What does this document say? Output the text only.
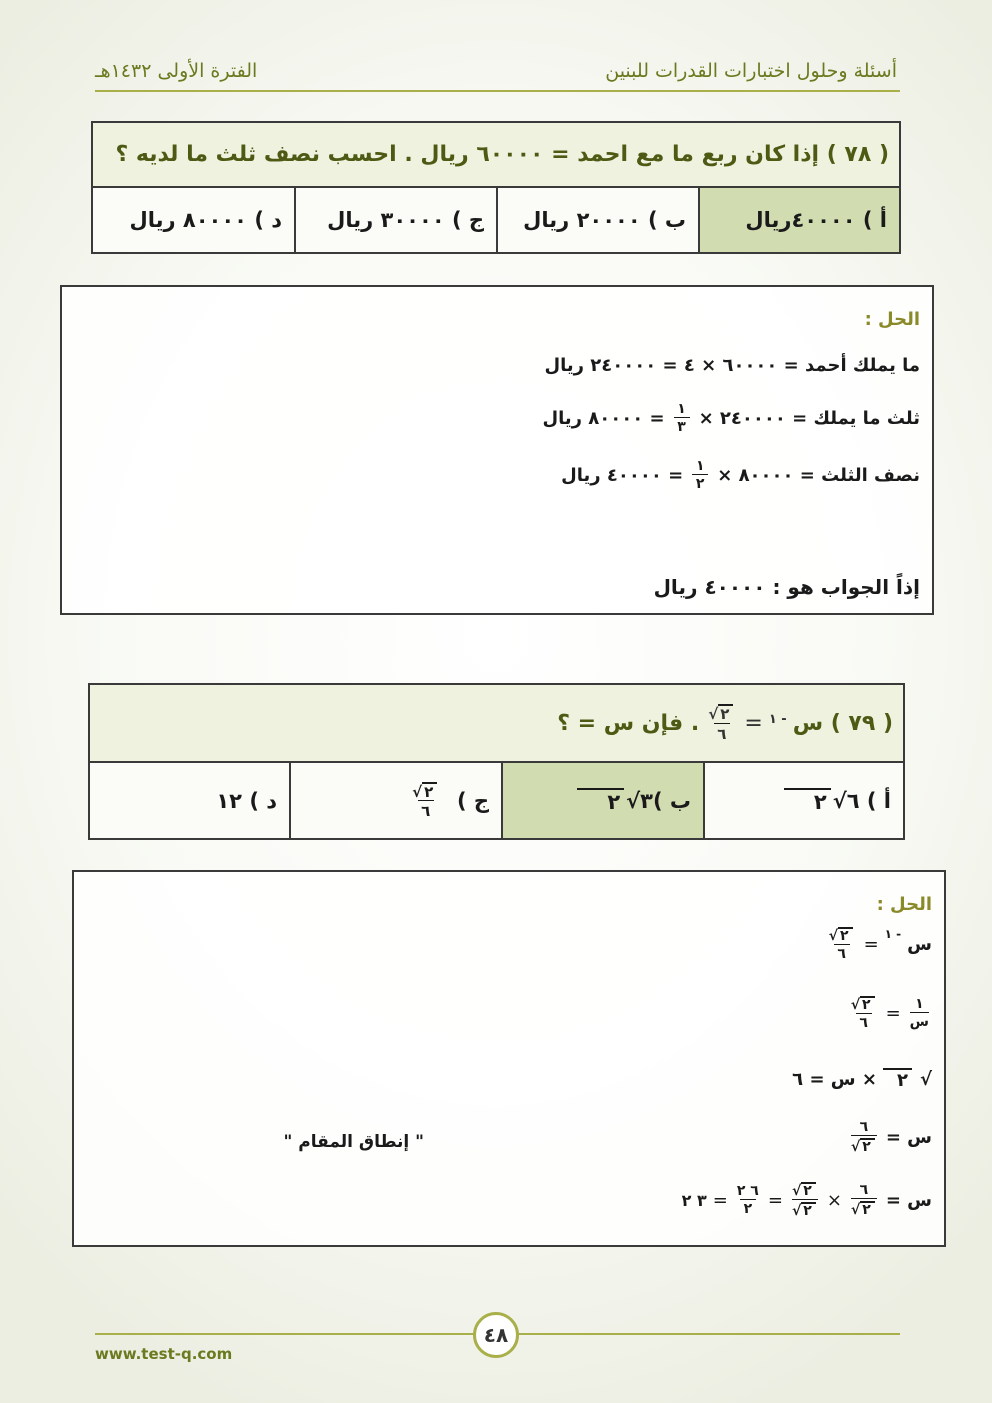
أسئلة وحلول اختبارات القدرات للبنين
الفترة الأولى ١٤٣٢هـ
( ٧٨ ) إذا كان ربع ما مع احمد = ٦٠٠٠٠ ريال . احسب نصف ثلث ما لديه ؟
أ )

٤٠٠٠٠ريال
ب )

٢٠٠٠٠ ريال
ج )

٣٠٠٠٠ ريال
د )

٨٠٠٠٠ ريال
الحل :
ما يملك أحمد = ٦٠٠٠٠ × ٤ = ٢٤٠٠٠٠ ريال
ثلث ما يملك = ٢٤٠٠٠٠ ×
$\frac{١}{٣}$
= ٨٠٠٠٠ ريال
نصف الثلث = ٨٠٠٠٠ ×
$\frac{١}{٢}$
= ٤٠٠٠٠ ريال
إذاً الجواب هو : ٤٠٠٠٠ ريال
( ٧٩ ) س
- ١
=
$\frac{٢√}{٦}$
. فإن س = ؟
أ )

٦
√
٢
ب )
٣
√
٢
ج )

$\frac{٢√}{٦}$
د )

١٢
الحل :
س
- ١
=
$\frac{٢√}{٦}$
$\frac{١}{\text{س}}$
=
$\frac{٢√}{٦}$
√
٢
× س = ٦
س =
$\frac{٦}{٢√}$
" إنطاق المقام "
س =
$\frac{٦}{٢√}$
×
$\frac{٢√}{٢√}$
=
$\frac{٦ ٢}{٢}$
=
٣ ٢
٤٨
www.test-q.com
